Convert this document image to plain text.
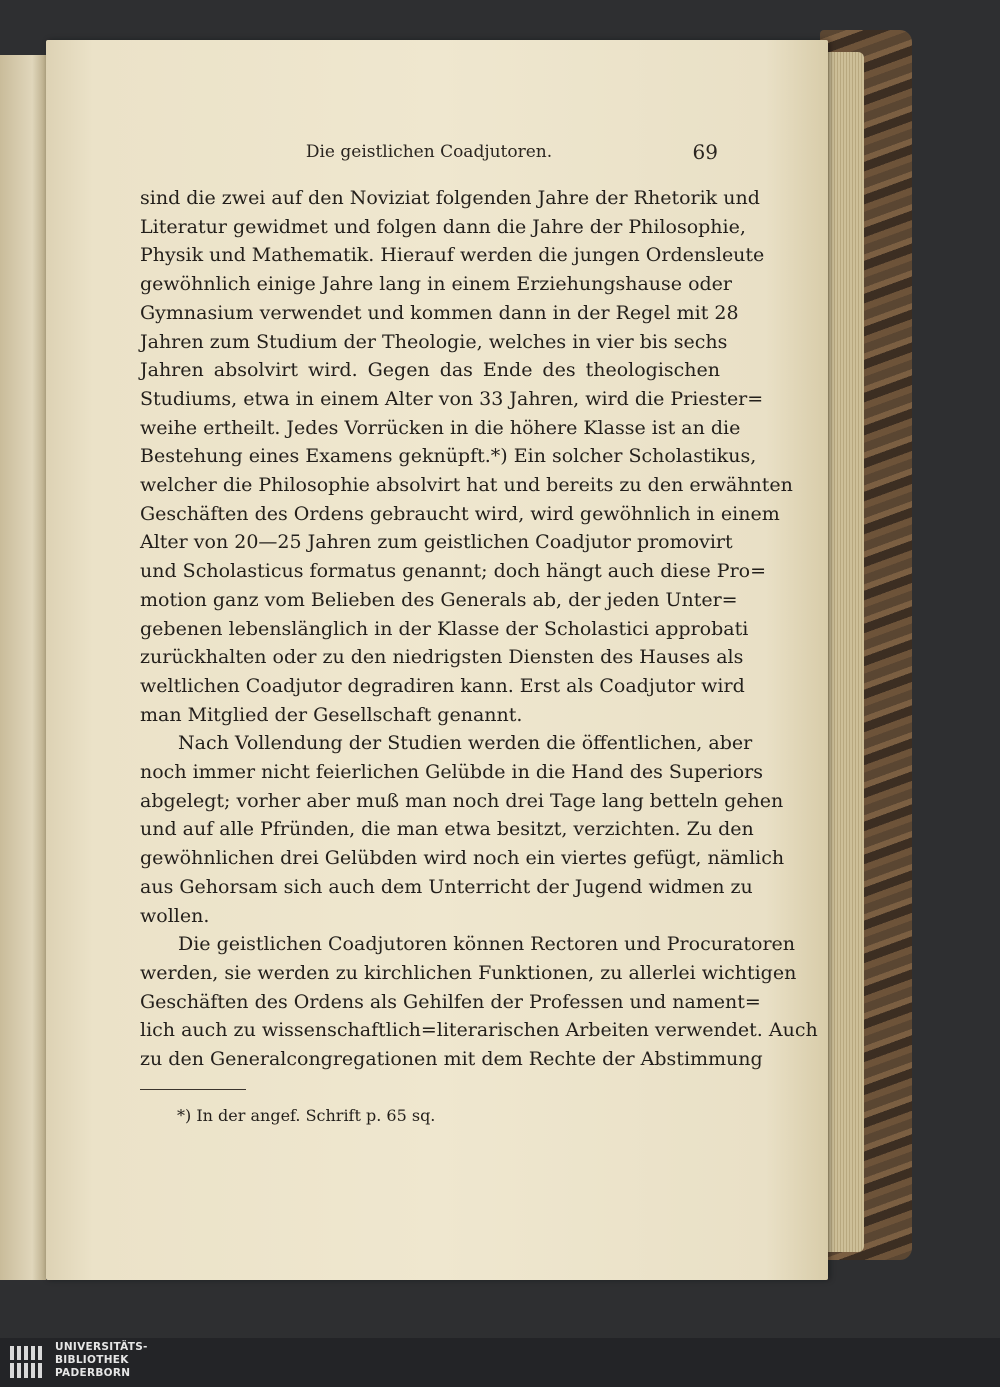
Die geistlichen Coadjutoren.	69
sind die zwei auf den Noviziat folgenden Jahre der Rhetorik und
Literatur gewidmet und folgen dann die Jahre der Philosophie,
Physik und Mathematik. Hierauf werden die jungen Ordensleute
gewöhnlich einige Jahre lang in einem Erziehungshause oder
Gymnasium verwendet und kommen dann in der Regel mit 28
Jahren zum Studium der Theologie, welches in vier bis sechs
Jahren absolvirt wird. Gegen das Ende des theologischen
Studiums, etwa in einem Alter von 33 Jahren, wird die Priester=
weihe ertheilt. Jedes Vorrücken in die höhere Klasse ist an die
Bestehung eines Examens geknüpft.*) Ein solcher Scholastikus,
welcher die Philosophie absolvirt hat und bereits zu den erwähnten
Geschäften des Ordens gebraucht wird, wird gewöhnlich in einem
Alter von 20—25 Jahren zum geistlichen Coadjutor promovirt
und Scholasticus formatus genannt; doch hängt auch diese Pro=
motion ganz vom Belieben des Generals ab, der jeden Unter=
gebenen lebenslänglich in der Klasse der Scholastici approbati
zurückhalten oder zu den niedrigsten Diensten des Hauses als
weltlichen Coadjutor degradiren kann. Erst als Coadjutor wird
man Mitglied der Gesellschaft genannt.
Nach Vollendung der Studien werden die öffentlichen, aber
noch immer nicht feierlichen Gelübde in die Hand des Superiors
abgelegt; vorher aber muß man noch drei Tage lang betteln gehen
und auf alle Pfründen, die man etwa besitzt, verzichten. Zu den
gewöhnlichen drei Gelübden wird noch ein viertes gefügt, nämlich
aus Gehorsam sich auch dem Unterricht der Jugend widmen zu
wollen.
Die geistlichen Coadjutoren können Rectoren und Procuratoren
werden, sie werden zu kirchlichen Funktionen, zu allerlei wichtigen
Geschäften des Ordens als Gehilfen der Professen und nament=
lich auch zu wissenschaftlich=literarischen Arbeiten verwendet. Auch
zu den Generalcongregationen mit dem Rechte der Abstimmung
*) In der angef. Schrift p. 65 sq.
UNIVERSITÄTS-
BIBLIOTHEK
PADERBORN
